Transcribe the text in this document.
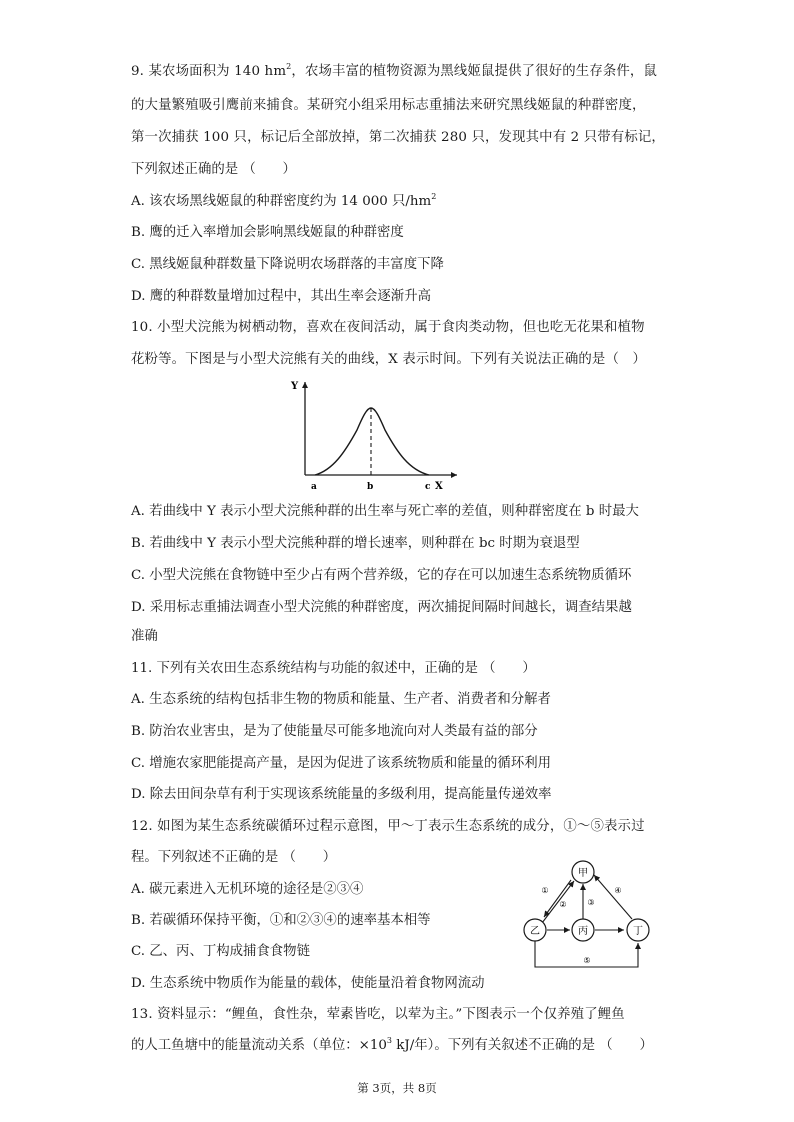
9. 某农场面积为 140 $hm^2$，农场丰富的植物资源为黑线姬鼠提供了很好的生存条件，鼠
的大量繁殖吸引鹰前来捕食。某研究小组采用标志重捕法来研究黑线姬鼠的种群密度，
第一次捕获 100 只，标记后全部放掉，第二次捕获 280 只，发现其中有 2 只带有标记，
下列叙述正确的是 （　　）
A. 该农场黑线姬鼠的种群密度约为 14 000 只$/hm^2$
B. 鹰的迁入率增加会影响黑线姬鼠的种群密度
C. 黑线姬鼠种群数量下降说明农场群落的丰富度下降
D. 鹰的种群数量增加过程中，其出生率会逐渐升高
10. 小型犬浣熊为树栖动物，喜欢在夜间活动，属于食肉类动物，但也吃无花果和植物
花粉等。下图是与小型犬浣熊有关的曲线，X 表示时间。下列有关说法正确的是（　）
Y
X
a	b	c
A. 若曲线中 Y 表示小型犬浣熊种群的出生率与死亡率的差值，则种群密度在 b 时最大
B. 若曲线中 Y 表示小型犬浣熊种群的增长速率，则种群在 bc 时期为衰退型
C. 小型犬浣熊在食物链中至少占有两个营养级，它的存在可以加速生态系统物质循环
D. 采用标志重捕法调查小型犬浣熊的种群密度，两次捕捉间隔时间越长，调查结果越
准确
11. 下列有关农田生态系统结构与功能的叙述中，正确的是 （　　）
A. 生态系统的结构包括非生物的物质和能量、生产者、消费者和分解者
B. 防治农业害虫，是为了使能量尽可能多地流向对人类最有益的部分
C. 增施农家肥能提高产量，是因为促进了该系统物质和能量的循环利用
D. 除去田间杂草有利于实现该系统能量的多级利用，提高能量传递效率
12. 如图为某生态系统碳循环过程示意图，甲～丁表示生态系统的成分，①～⑤表示过
程。下列叙述不正确的是 （　　）
A. 碳元素进入无机环境的途径是②③④
B. 若碳循环保持平衡，①和②③④的速率基本相等
C. 乙、丙、丁构成捕食食物链
D. 生态系统中物质作为能量的载体，使能量沿着食物网流动
甲
乙	丙	丁
①
②	③
④
⑤
13. 资料显示：“鲤鱼，食性杂，荤素皆吃，以荤为主。”下图表示一个仅养殖了鲤鱼
的人工鱼塘中的能量流动关系（单位：$\times 10^3$ kJ/年）。下列有关叙述不正确的是 （　　）
第 3页，共 8页
